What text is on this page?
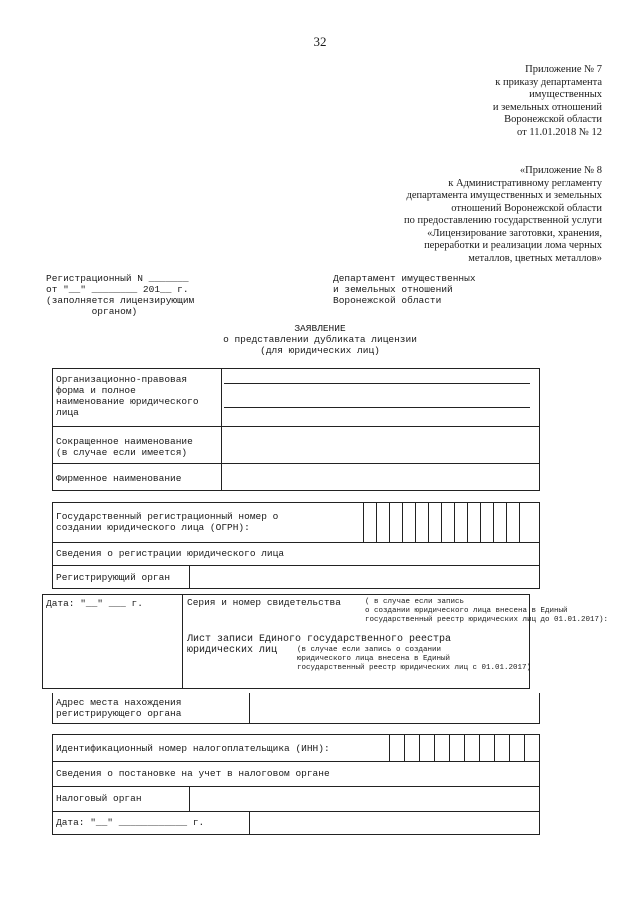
32
Приложение № 7
к приказу департамента
имущественных
и земельных отношений
Воронежской области
от 11.01.2018 № 12
«Приложение № 8
к Административному регламенту
департамента имущественных и земельных
отношений Воронежской области
по предоставлению государственной услуги
«Лицензирование заготовки, хранения,
переработки и реализации лома черных
металлов, цветных металлов»
Регистрационный N _______
от "__" ________ 201__ г.
(заполняется лицензирующим
органом)
Департамент имущественных
и земельных отношений
Воронежской области
ЗАЯВЛЕНИЕ
о представлении дубликата лицензии
(для юридических лиц)
Организационно-правовая
форма и полное
наименование юридического
лица
Сокращенное наименование
(в случае если имеется)
Фирменное наименование
Государственный регистрационный номер о
создании юридического лица (ОГРН):
Сведения о регистрации юридического лица
Регистрирующий орган
Дата: "__" ___ г.	Серия и номер свидетельства	( в случае если запись
о создании юридического лица внесена в Единый
государственный реестр юридических лиц до 01.01.2017):
Лист записи Единого государственного реестра
юридических лиц	(в случае если запись о создании
юридического лица внесена в Единый
государственный реестр юридических лиц с 01.01.2017)
Адрес места нахождения
регистрирующего органа
Идентификационный номер налогоплательщика (ИНН):
Сведения о постановке на учет в налоговом органе
Налоговый орган
Дата: "__" ____________ г.
